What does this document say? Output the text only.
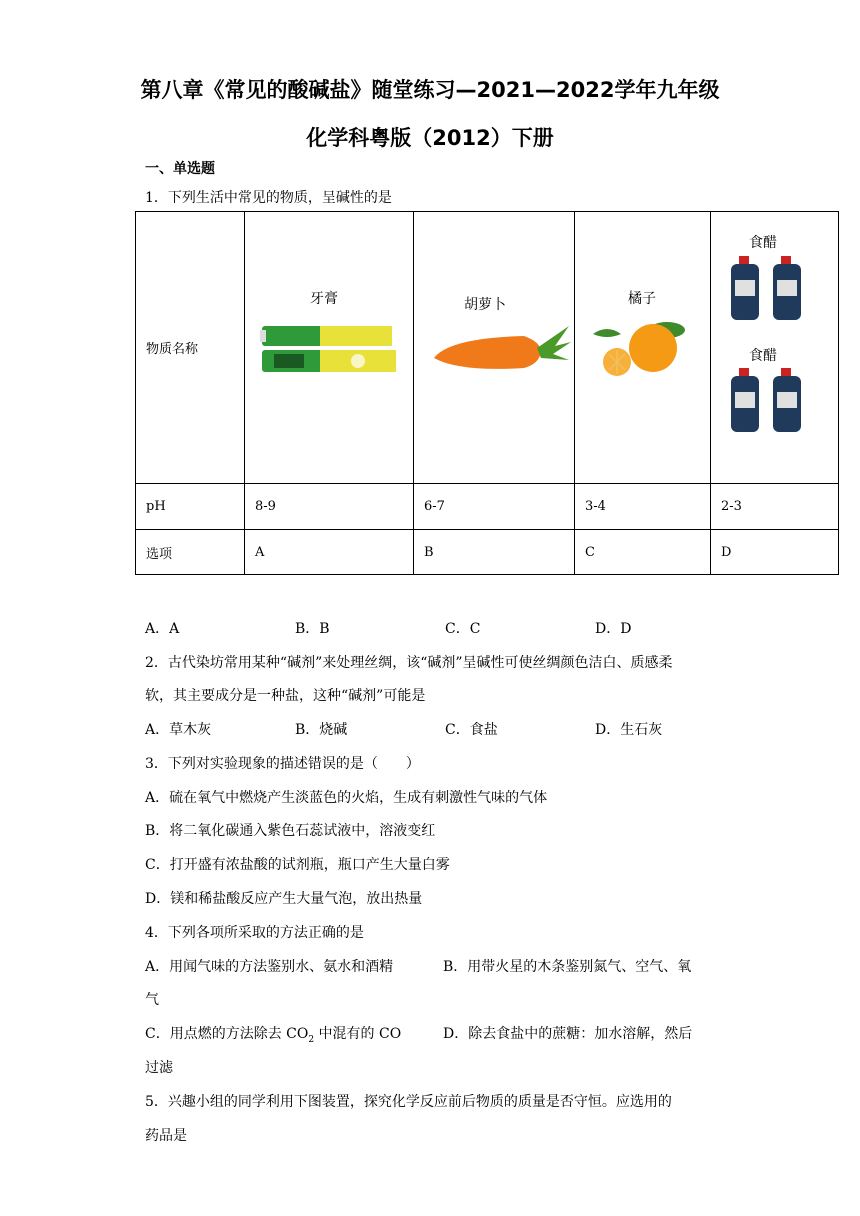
第八章《常见的酸碱盐》随堂练习—2021—2022学年九年级
化学科粤版（2012）下册
一、单选题
1．下列生活中常见的物质，呈碱性的是
物质名称	牙膏	胡萝卜	橘子	食醋
食醋

pH	8-9	6-7	3-4	2-3
选项	A	B	C	D
A．A	B．B	C．C	D．D
2．古代染坊常用某种“碱剂”来处理丝绸，该“碱剂”呈碱性可使丝绸颜色洁白、质感柔
软，其主要成分是一种盐，这种“碱剂”可能是
A．草木灰	B．烧碱	C．食盐	D．生石灰
3．下列对实验现象的描述错误的是（　　）
A．硫在氧气中燃烧产生淡蓝色的火焰，生成有刺激性气味的气体
B．将二氧化碳通入紫色石蕊试液中，溶液变红
C．打开盛有浓盐酸的试剂瓶，瓶口产生大量白雾
D．镁和稀盐酸反应产生大量气泡，放出热量
4．下列各项所采取的方法正确的是
A．用闻气味的方法鉴别水、氨水和酒精	B．用带火星的木条鉴别氮气、空气、氧
气
C．用点燃的方法除去 $CO_2$ 中混有的 CO	D．除去食盐中的蔗糖：加水溶解，然后
过滤
5．兴趣小组的同学利用下图装置，探究化学反应前后物质的质量是否守恒。应选用的
药品是
